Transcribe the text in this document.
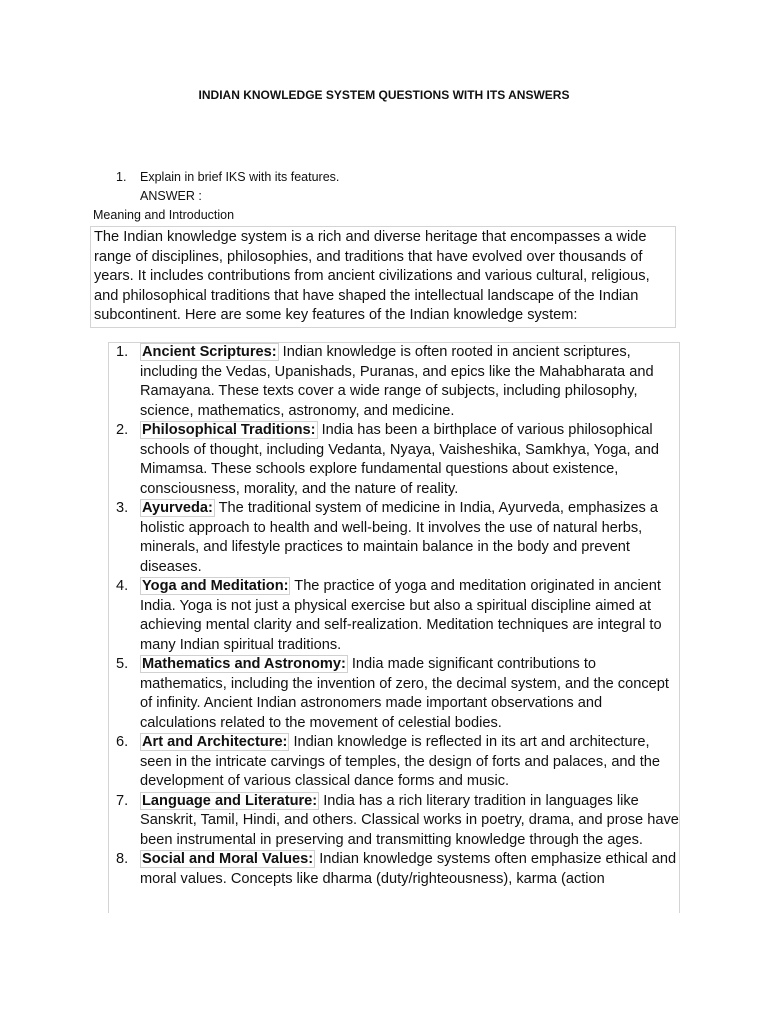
INDIAN KNOWLEDGE SYSTEM QUESTIONS WITH ITS ANSWERS
1. Explain in brief IKS with its features.
ANSWER :
Meaning and Introduction
The Indian knowledge system is a rich and diverse heritage that encompasses a wide range of disciplines, philosophies, and traditions that have evolved over thousands of years. It includes contributions from ancient civilizations and various cultural, religious, and philosophical traditions that have shaped the intellectual landscape of the Indian subcontinent. Here are some key features of the Indian knowledge system:
1. Ancient Scriptures: Indian knowledge is often rooted in ancient scriptures, including the Vedas, Upanishads, Puranas, and epics like the Mahabharata and Ramayana. These texts cover a wide range of subjects, including philosophy, science, mathematics, astronomy, and medicine.
2. Philosophical Traditions: India has been a birthplace of various philosophical schools of thought, including Vedanta, Nyaya, Vaisheshika, Samkhya, Yoga, and Mimamsa. These schools explore fundamental questions about existence, consciousness, morality, and the nature of reality.
3. Ayurveda: The traditional system of medicine in India, Ayurveda, emphasizes a holistic approach to health and well-being. It involves the use of natural herbs, minerals, and lifestyle practices to maintain balance in the body and prevent diseases.
4. Yoga and Meditation: The practice of yoga and meditation originated in ancient India. Yoga is not just a physical exercise but also a spiritual discipline aimed at achieving mental clarity and self-realization. Meditation techniques are integral to many Indian spiritual traditions.
5. Mathematics and Astronomy: India made significant contributions to mathematics, including the invention of zero, the decimal system, and the concept of infinity. Ancient Indian astronomers made important observations and calculations related to the movement of celestial bodies.
6. Art and Architecture: Indian knowledge is reflected in its art and architecture, seen in the intricate carvings of temples, the design of forts and palaces, and the development of various classical dance forms and music.
7. Language and Literature: India has a rich literary tradition in languages like Sanskrit, Tamil, Hindi, and others. Classical works in poetry, drama, and prose have been instrumental in preserving and transmitting knowledge through the ages.
8. Social and Moral Values: Indian knowledge systems often emphasize ethical and moral values. Concepts like dharma (duty/righteousness), karma (action
